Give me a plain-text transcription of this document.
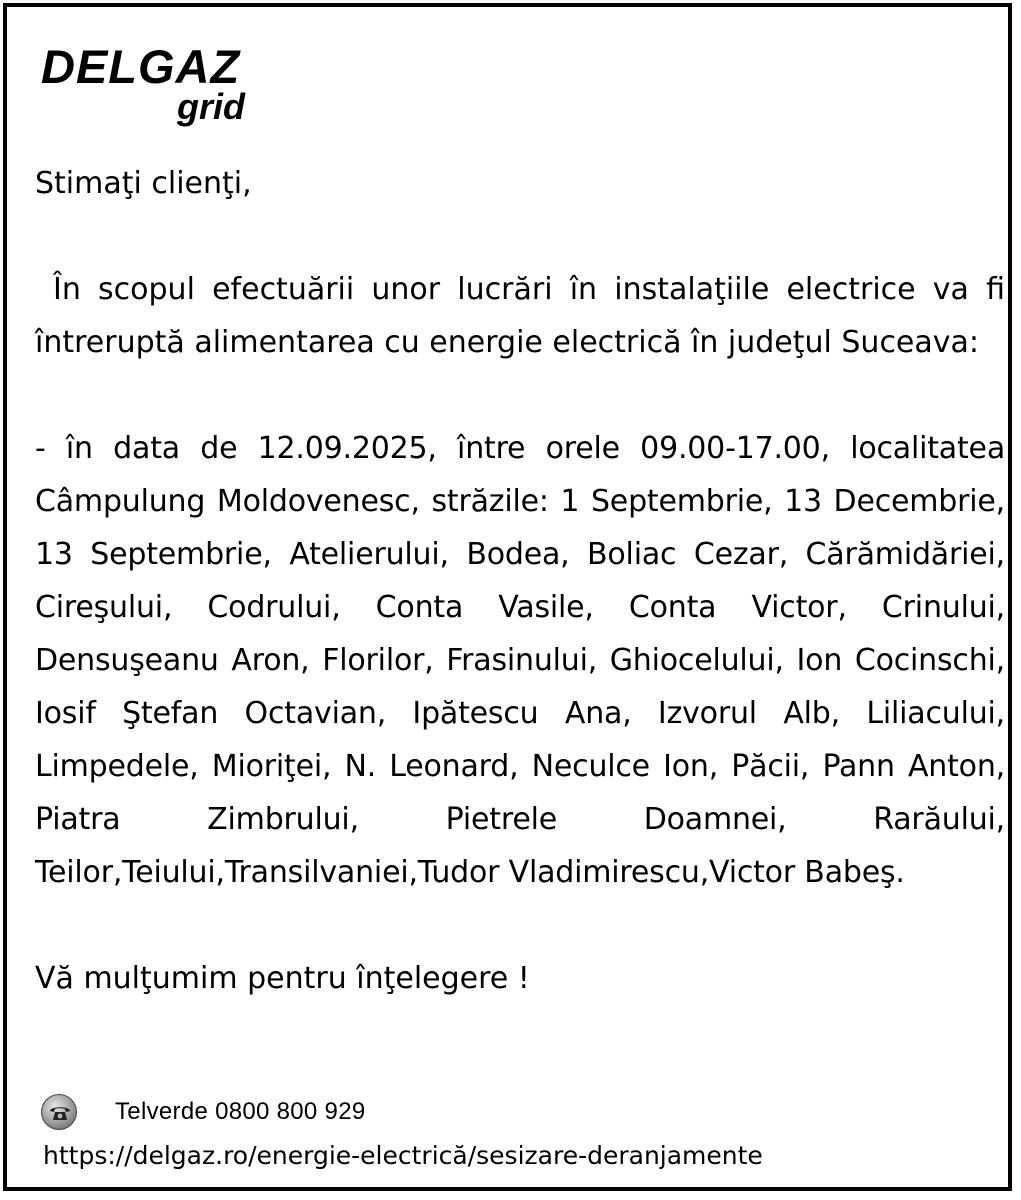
DELGAZ
grid

Stimaţi clienţi,

În scopul efectuării unor lucrări în instalaţiile electrice va fi întreruptă alimentarea cu energie electrică în judeţul Suceava:

- în data de 12.09.2025, între orele 09.00-17.00, localitatea Câmpulung Moldovenesc, străzile: 1 Septembrie, 13 Decembrie, 13 Septembrie, Atelierului, Bodea, Boliac Cezar, Cărămidăriei, Cireşului, Codrului, Conta Vasile, Conta Victor, Crinului, Densuşeanu Aron, Florilor, Frasinului, Ghiocelului, Ion Cocinschi, Iosif Ştefan Octavian, Ipătescu Ana, Izvorul Alb, Liliacului, Limpedele, Mioriţei, N. Leonard, Neculce Ion, Păcii, Pann Anton, Piatra Zimbrului, Pietrele Doamnei, Rarăului, Teilor,Teiului,Transilvaniei,Tudor Vladimirescu,Victor Babeş.

Vă mulţumim pentru înţelegere !

Telverde 0800 800 929
https://delgaz.ro/energie-electrică/sesizare-deranjamente
